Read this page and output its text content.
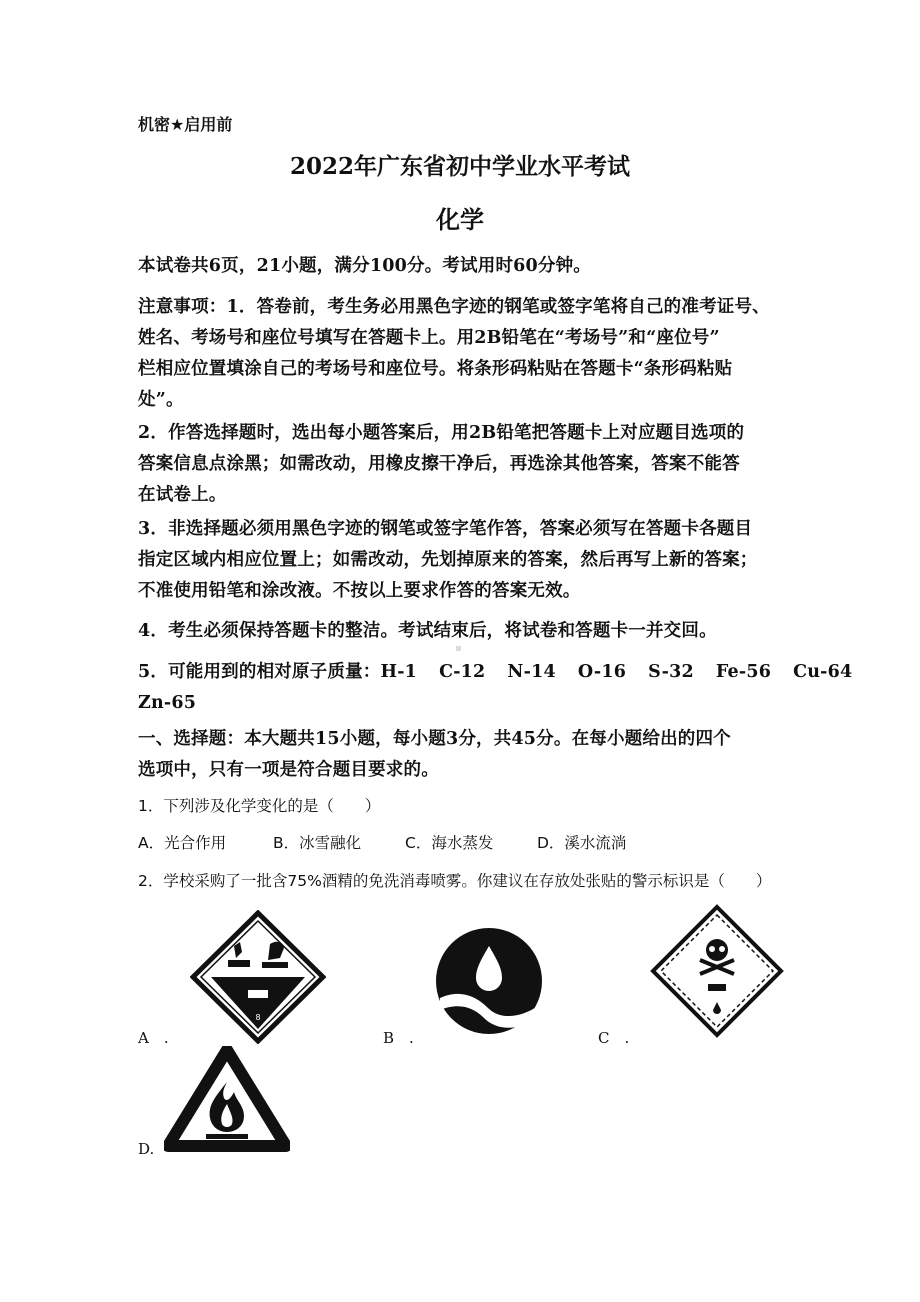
机密★启用前
2022年广东省初中学业水平考试
化学
本试卷共6页，21小题，满分100分。考试用时60分钟。
注意事项：1．答卷前，考生务必用黑色字迹的钢笔或签字笔将自己的准考证号、
姓名、考场号和座位号填写在答题卡上。用2B铅笔在“考场号”和“座位号”
栏相应位置填涂自己的考场号和座位号。将条形码粘贴在答题卡“条形码粘贴
处”。
2．作答选择题时，选出每小题答案后，用2B铅笔把答题卡上对应题目选项的
答案信息点涂黑；如需改动，用橡皮擦干净后，再选涂其他答案，答案不能答
在试卷上。
3．非选择题必须用黑色字迹的钢笔或签字笔作答，答案必须写在答题卡各题目
指定区域内相应位置上；如需改动，先划掉原来的答案，然后再写上新的答案；
不准使用铅笔和涂改液。不按以上要求作答的答案无效。
4．考生必须保持答题卡的整洁。考试结束后，将试卷和答题卡一并交回。
5．可能用到的相对原子质量：H-1 C-12 N-14 O-16 S-32 Fe-56 Cu-64
Zn-65
一、选择题：本大题共15小题，每小题3分，共45分。在每小题给出的四个
选项中，只有一项是符合题目要求的。
1．下列涉及化学变化的是（　　）
A．光合作用	B．冰雪融化	C．海水蒸发	D．溪水流淌
2．学校采购了一批含75%酒精的免洗消毒喷雾。你建议在存放处张贴的警示标识是（　　）
A　.
8
B　.	C　.
D.
